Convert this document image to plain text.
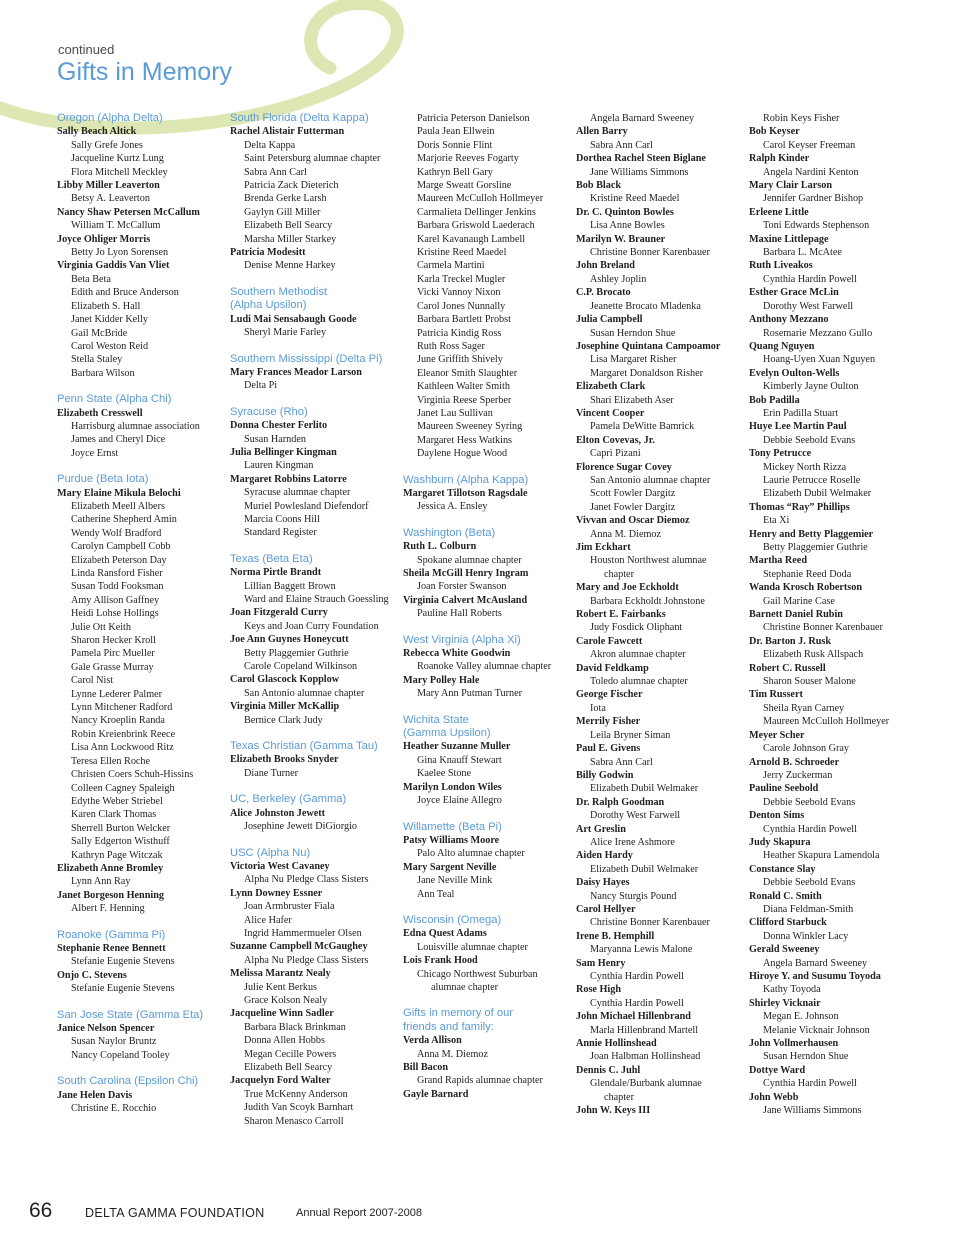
continued
Gifts in Memory
Oregon (Alpha Delta)
Sally Beach Altick
Sally Grefe Jones
Jacqueline Kurtz Lung
Flora Mitchell Meckley
Libby Miller Leaverton
Betsy A. Leaverton
Nancy Shaw Petersen McCallum
William T. McCallum
Joyce Ohliger Morris
Betty Jo Lyon Sorensen
Virginia Gaddis Van Vliet
Beta Beta
Edith and Bruce Anderson
Elizabeth S. Hall
Janet Kidder Kelly
Gail McBride
Carol Weston Reid
Stella Staley
Barbara Wilson
Penn State (Alpha Chi)
Elizabeth Cresswell
Harrisburg alumnae association
James and Cheryl Dice
Joyce Ernst
Purdue (Beta Iota)
Mary Elaine Mikula Belochi
Elizabeth Meell Albers
Catherine Shepherd Amin
Wendy Wolf Bradford
Carolyn Campbell Cobb
Elizabeth Peterson Day
Linda Ransford Fisher
Susan Todd Fooksman
Amy Allison Gaffney
Heidi Lohse Hollings
Julie Ott Keith
Sharon Hecker Kroll
Pamela Pirc Mueller
Gale Grasse Murray
Carol Nist
Lynne Lederer Palmer
Lynn Mitchener Radford
Nancy Kroeplin Randa
Robin Kreienbrink Reece
Lisa Ann Lockwood Ritz
Teresa Ellen Roche
Christen Coers Schuh-Hissins
Colleen Cagney Spaleigh
Edythe Weber Striebel
Karen Clark Thomas
Sherrell Burton Welcker
Sally Edgerton Wisthuff
Kathryn Page Witczak
Elizabeth Anne Bromley
Lynn Ann Ray
Janet Borgeson Henning
Albert F. Henning
Roanoke (Gamma Pi)
Stephanie Renee Bennett
Stefanie Eugenie Stevens
Onjo C. Stevens
Stefanie Eugenie Stevens
San Jose State (Gamma Eta)
Janice Nelson Spencer
Susan Naylor Bruntz
Nancy Copeland Tooley
South Carolina (Epsilon Chi)
Jane Helen Davis
Christine E. Rocchio
South Florida (Delta Kappa)
Rachel Alistair Futterman
Delta Kappa
Saint Petersburg alumnae chapter
Sabra Ann Carl
Patricia Zack Dieterich
Brenda Gerke Larsh
Gaylyn Gill Miller
Elizabeth Bell Searcy
Marsha Miller Starkey
Patricia Modesitt
Denise Menne Harkey
Southern Methodist
(Alpha Upsilon)
Ludi Mai Sensabaugh Goode
Sheryl Marie Farley
Southern Mississippi (Delta Pi)
Mary Frances Meador Larson
Delta Pi
Syracuse (Rho)
Donna Chester Ferlito
Susan Harnden
Julia Bellinger Kingman
Lauren Kingman
Margaret Robbins Latorre
Syracuse alumnae chapter
Muriel Powlesland Diefendorf
Marcia Coons Hill
Standard Register
Texas (Beta Eta)
Norma Pirtle Brandt
Lillian Baggett Brown
Ward and Elaine Strauch Goessling
Joan Fitzgerald Curry
Keys and Joan Curry Foundation
Joe Ann Guynes Honeycutt
Betty Plaggemier Guthrie
Carole Copeland Wilkinson
Carol Glascock Kopplow
San Antonio alumnae chapter
Virginia Miller McKallip
Bernice Clark Judy
Texas Christian (Gamma Tau)
Elizabeth Brooks Snyder
Diane Turner
UC, Berkeley (Gamma)
Alice Johnston Jewett
Josephine Jewett DiGiorgio
USC (Alpha Nu)
Victoria West Cavaney
Alpha Nu Pledge Class Sisters
Lynn Downey Essner
Joan Armbruster Fiala
Alice Hafer
Ingrid Hammermueler Olsen
Suzanne Campbell McGaughey
Alpha Nu Pledge Class Sisters
Melissa Marantz Nealy
Julie Kent Berkus
Grace Kolson Nealy
Jacqueline Winn Sadler
Barbara Black Brinkman
Donna Allen Hobbs
Megan Cecille Powers
Elizabeth Bell Searcy
Jacquelyn Ford Walter
True McKenny Anderson
Judith Van Scoyk Barnhart
Sharon Menasco Carroll
Patricia Peterson Danielson
Paula Jean Ellwein
Doris Sonnie Flint
Marjorie Reeves Fogarty
Kathryn Bell Gary
Marge Sweatt Gorsline
Maureen McCulloh Hollmeyer
Carmalieta Dellinger Jenkins
Barbara Griswold Laederach
Karel Kavanaugh Lambell
Kristine Reed Maedel
Carmela Martini
Karla Treckel Mugler
Vicki Vannoy Nixon
Carol Jones Nunnally
Barbara Bartlett Probst
Patricia Kindig Ross
Ruth Ross Sager
June Griffith Shively
Eleanor Smith Slaughter
Kathleen Walter Smith
Virginia Reese Sperber
Janet Lau Sullivan
Maureen Sweeney Syring
Margaret Hess Watkins
Daylene Hogue Wood
Washburn (Alpha Kappa)
Margaret Tillotson Ragsdale
Jessica A. Ensley
Washington (Beta)
Ruth L. Colburn
Spokane alumnae chapter
Sheila McGill Henry Ingram
Joan Forster Swanson
Virginia Calvert McAusland
Pauline Hall Roberts
West Virginia (Alpha Xi)
Rebecca White Goodwin
Roanoke Valley alumnae chapter
Mary Polley Hale
Mary Ann Putman Turner
Wichita State
(Gamma Upsilon)
Heather Suzanne Muller
Gina Knauff Stewart
Kaelee Stone
Marilyn London Wiles
Joyce Elaine Allegro
Willamette (Beta Pi)
Patsy Williams Moore
Palo Alto alumnae chapter
Mary Sargent Neville
Jane Neville Mink
Ann Teal
Wisconsin (Omega)
Edna Quest Adams
Louisville alumnae chapter
Lois Frank Hood
Chicago Northwest Suburban
alumnae chapter
Gifts in memory of our
friends and family:
Verda Allison
Anna M. Diemoz
Bill Bacon
Grand Rapids alumnae chapter
Gayle Barnard
Angela Barnard Sweeney
Allen Barry
Sabra Ann Carl
Dorthea Rachel Steen Biglane
Jane Williams Simmons
Bob Black
Kristine Reed Maedel
Dr. C. Quinton Bowles
Lisa Anne Bowles
Marilyn W. Brauner
Christine Bonner Karenbauer
John Breland
Ashley Joplin
C.P. Brocato
Jeanette Brocato Mladenka
Julia Campbell
Susan Herndon Shue
Josephine Quintana Campoamor
Lisa Margaret Risher
Margaret Donaldson Risher
Elizabeth Clark
Shari Elizabeth Aser
Vincent Cooper
Pamela DeWitte Bamrick
Elton Covevas, Jr.
Capri Pizani
Florence Sugar Covey
San Antonio alumnae chapter
Scott Fowler Dargitz
Janet Fowler Dargitz
Vivvan and Oscar Diemoz
Anna M. Diemoz
Jim Eckhart
Houston Northwest alumnae
chapter
Mary and Joe Eckholdt
Barbara Eckholdt Johnstone
Robert E. Fairbanks
Judy Fosdick Oliphant
Carole Fawcett
Akron alumnae chapter
David Feldkamp
Toledo alumnae chapter
George Fischer
Iota
Merrily Fisher
Leila Bryner Siman
Paul E. Givens
Sabra Ann Carl
Billy Godwin
Elizabeth Dubil Welmaker
Dr. Ralph Goodman
Dorothy West Farwell
Art Greslin
Alice Irene Ashmore
Aiden Hardy
Elizabeth Dubil Welmaker
Daisy Hayes
Nancy Sturgis Pound
Carol Hellyer
Christine Bonner Karenbauer
Irene B. Hemphill
Maryanna Lewis Malone
Sam Henry
Cynthia Hardin Powell
Rose High
Cynthia Hardin Powell
John Michael Hillenbrand
Marla Hillenbrand Martell
Annie Hollinshead
Joan Halbman Hollinshead
Dennis C. Juhl
Glendale/Burbank alumnae
chapter
John W. Keys III
Robin Keys Fisher
Bob Keyser
Carol Keyser Freeman
Ralph Kinder
Angela Nardini Kenton
Mary Clair Larson
Jennifer Gardner Bishop
Erleene Little
Toni Edwards Stephenson
Maxine Littlepage
Barbara L. McAtee
Ruth Liveakos
Cynthia Hardin Powell
Esther Grace McLin
Dorothy West Farwell
Anthony Mezzano
Rosemarie Mezzano Gullo
Quang Nguyen
Hoang-Uyen Xuan Nguyen
Evelyn Oulton-Wells
Kimberly Jayne Oulton
Bob Padilla
Erin Padilla Stuart
Huye Lee Martin Paul
Debbie Seebold Evans
Tony Petrucce
Mickey North Rizza
Laurie Petrucce Roselle
Elizabeth Dubil Welmaker
Thomas “Ray” Phillips
Eta Xi
Henry and Betty Plaggemier
Betty Plaggemier Guthrie
Martha Reed
Stephanie Reed Doda
Wanda Krosch Robertson
Gail Marine Case
Barnett Daniel Rubin
Christine Bonner Karenbauer
Dr. Barton J. Rusk
Elizabeth Rusk Allspach
Robert C. Russell
Sharon Souser Malone
Tim Russert
Sheila Ryan Carney
Maureen McCulloh Hollmeyer
Meyer Scher
Carole Johnson Gray
Arnold B. Schroeder
Jerry Zuckerman
Pauline Seebold
Debbie Seebold Evans
Denton Sims
Cynthia Hardin Powell
Judy Skapura
Heather Skapura Lamendola
Constance Slay
Debbie Seebold Evans
Ronald C. Smith
Diana Feldman-Smith
Clifford Starbuck
Donna Winkler Lacy
Gerald Sweeney
Angela Barnard Sweeney
Hiroye Y. and Susumu Toyoda
Kathy Toyoda
Shirley Vicknair
Megan E. Johnson
Melanie Vicknair Johnson
John Vollmerhausen
Susan Herndon Shue
Dottye Ward
Cynthia Hardin Powell
John Webb
Jane Williams Simmons
66	DELTA GAMMA FOUNDATION	Annual Report 2007-2008
